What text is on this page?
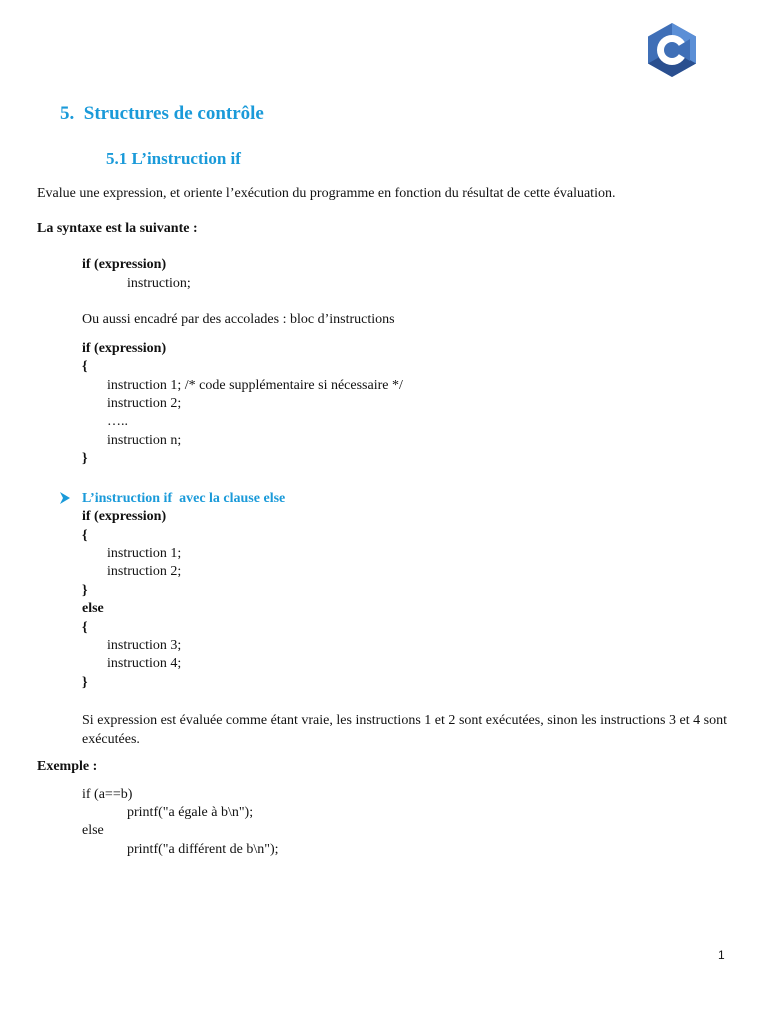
5. Structures de contrôle
5.1 L’instruction if
Evalue une expression, et oriente l’exécution du programme en fonction du résultat de cette évaluation.
La syntaxe est la suivante :
if (expression)
instruction;
Ou aussi encadré par des accolades : bloc d’instructions
if (expression)
{
instruction 1; /* code supplémentaire si nécessaire */
instruction 2;
…..
instruction n;
}
L’instruction if  avec la clause else
if (expression)
{
instruction 1;
instruction 2;
}
else
{
instruction 3;
instruction 4;
}
Si expression est évaluée comme étant vraie, les instructions 1 et 2 sont exécutées, sinon les instructions 3 et 4 sont exécutées.
Exemple :
if (a==b)
printf("a égale à b\n");
else
printf("a différent de b\n");
1
